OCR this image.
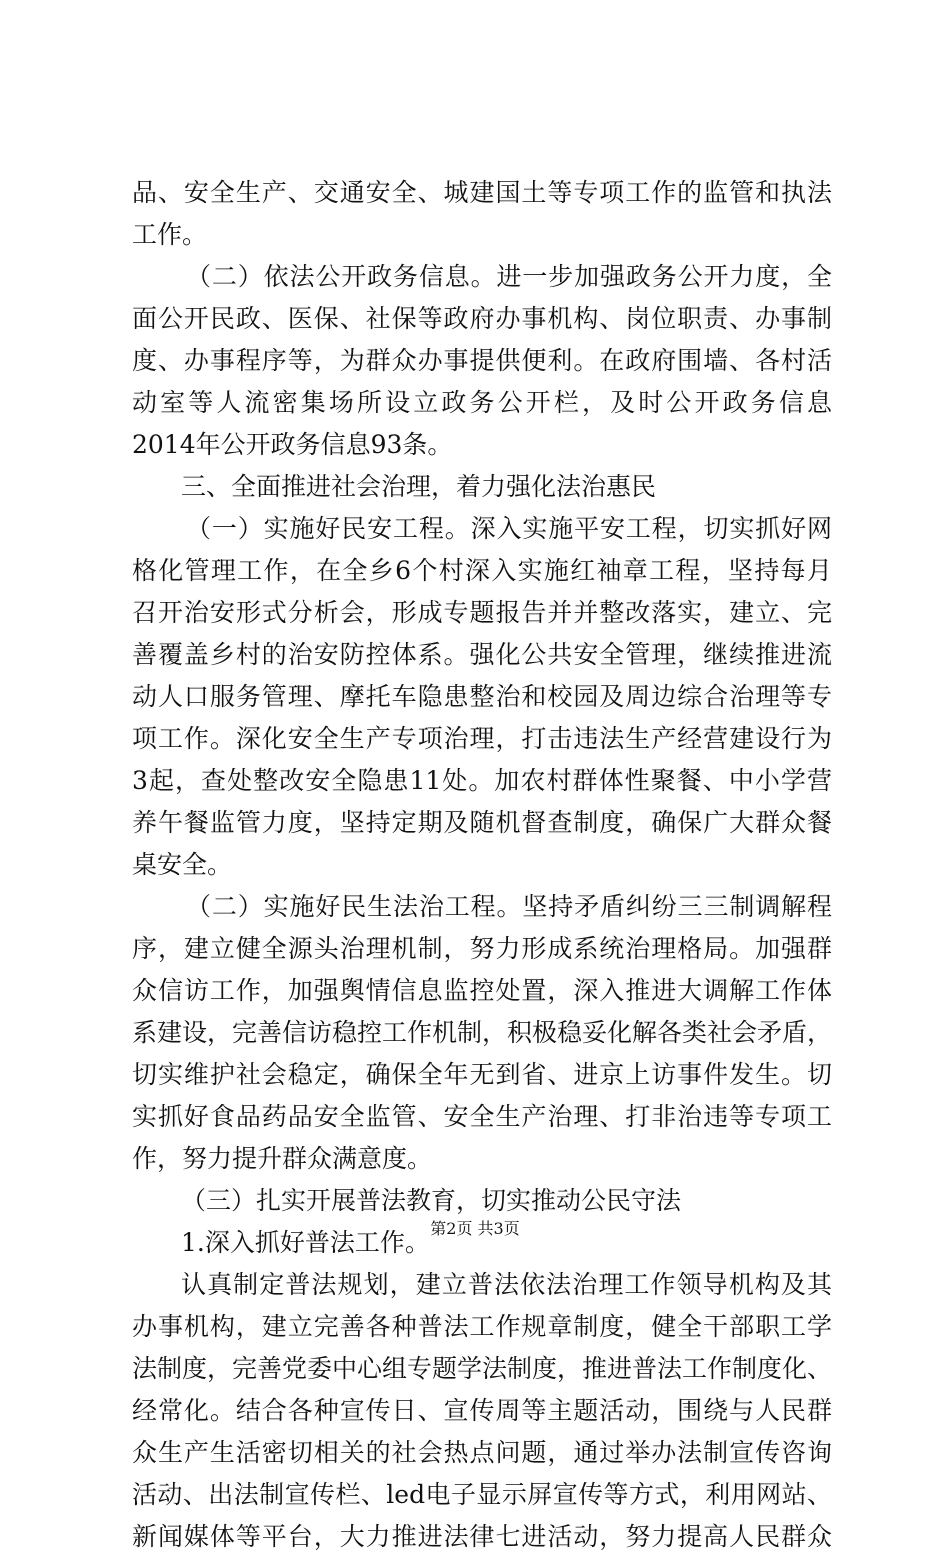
品、安全生产、交通安全、城建国土等专项工作的监管和执法
工作。
（二）依法公开政务信息。进一步加强政务公开力度，全
面公开民政、医保、社保等政府办事机构、岗位职责、办事制
度、办事程序等，为群众办事提供便利。在政府围墙、各村活
动室等人流密集场所设立政务公开栏，及时公开政务信息
2014年公开政务信息93条。
三、全面推进社会治理，着力强化法治惠民
（一）实施好民安工程。深入实施平安工程，切实抓好网
格化管理工作，在全乡6个村深入实施红袖章工程，坚持每月
召开治安形式分析会，形成专题报告并并整改落实，建立、完
善覆盖乡村的治安防控体系。强化公共安全管理，继续推进流
动人口服务管理、摩托车隐患整治和校园及周边综合治理等专
项工作。深化安全生产专项治理，打击违法生产经营建设行为
3起，查处整改安全隐患11处。加农村群体性聚餐、中小学营
养午餐监管力度，坚持定期及随机督查制度，确保广大群众餐
桌安全。
（二）实施好民生法治工程。坚持矛盾纠纷三三制调解程
序，建立健全源头治理机制，努力形成系统治理格局。加强群
众信访工作，加强舆情信息监控处置，深入推进大调解工作体
系建设，完善信访稳控工作机制，积极稳妥化解各类社会矛盾，
切实维护社会稳定，确保全年无到省、进京上访事件发生。切
实抓好食品药品安全监管、安全生产治理、打非治违等专项工
作，努力提升群众满意度。
（三）扎实开展普法教育，切实推动公民守法
1.深入抓好普法工作。
认真制定普法规划，建立普法依法治理工作领导机构及其
办事机构，建立完善各种普法工作规章制度，健全干部职工学
法制度，完善党委中心组专题学法制度，推进普法工作制度化、
经常化。结合各种宣传日、宣传周等主题活动，围绕与人民群
众生产生活密切相关的社会热点问题，通过举办法制宣传咨询
活动、出法制宣传栏、led电子显示屏宣传等方式，利用网站、
新闻媒体等平台，大力推进法律七进活动，努力提高人民群众
第2页 共3页
